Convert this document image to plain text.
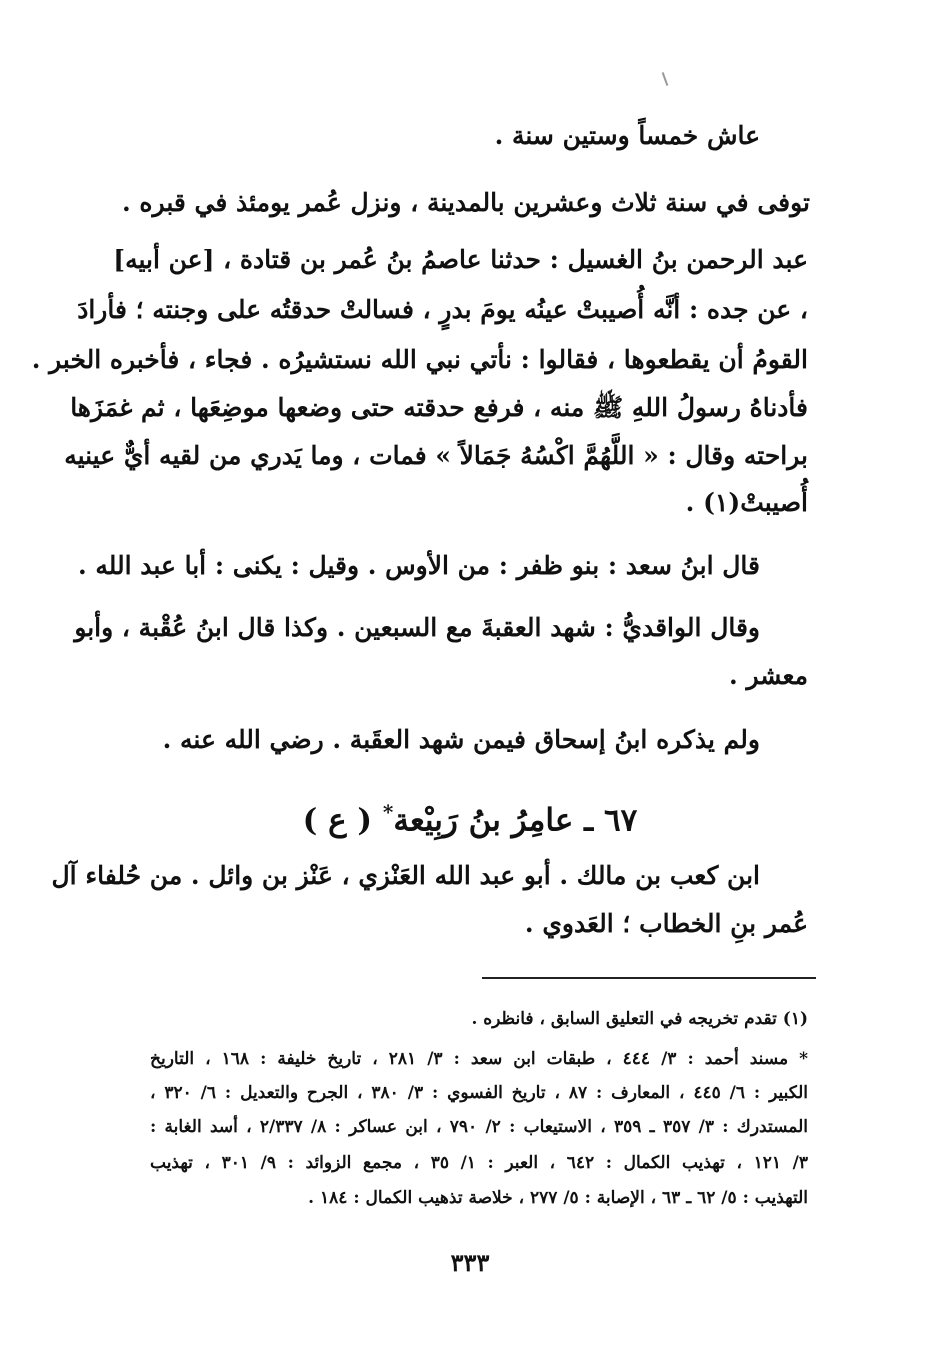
عاش خمساً وستين سنة .
توفى في سنة ثلاث وعشرين بالمدينة ، ونزل عُمر يومئذ في قبره .
عبد الرحمن بنُ الغسيل : حدثنا عاصمُ بنُ عُمر بن قتادة ، [عن أبيه]
، عن جده : أنَّه أُصيبتْ عينُه يومَ بدرٍ ، فسالتْ حدقتُه على وجنته ؛ فأرادَ
القومُ أن يقطعوها ، فقالوا : نأتي نبي الله نستشيرُه . فجاء ، فأخبره الخبر .
فأدناهُ رسولُ اللهِ ﷺ منه ، فرفع حدقته حتى وضعها موضِعَها ، ثم غمَزَها
براحته وقال : « اللَّهُمَّ اكْسُهُ جَمَالاً » فمات ، وما يَدري من لقيه أيٌّ عينيه
أُصيبتْ(١) .
قال ابنُ سعد : بنو ظفر : من الأوس . وقيل : يكنى : أبا عبد الله .
وقال الواقديُّ : شهد العقبةَ مع السبعين . وكذا قال ابنُ عُقْبة ، وأبو
معشر .
ولم يذكره ابنُ إسحاق فيمن شهد العقَبة . رضي الله عنه .
٦٧ ـ عامِرُ بنُ رَبِيْعة* ( ع )
ابن كعب بن مالك . أبو عبد الله العَنْزي ، عَنْز بن وائل . من حُلفاء آل
عُمر بنِ الخطاب ؛ العَدوي .
(١) تقدم تخريجه في التعليق السابق ، فانظره .
* مسند أحمد : ٣/ ٤٤٤ ، طبقات ابن سعد : ٣/ ٢٨١ ، تاريخ خليفة : ١٦٨ ، التاريخ
الكبير : ٦/ ٤٤٥ ، المعارف : ٨٧ ، تاريخ الفسوي : ٣/ ٣٨٠ ، الجرح والتعديل : ٦/ ٣٢٠ ،
المستدرك : ٣/ ٣٥٧ ـ ٣٥٩ ، الاستيعاب : ٢/ ٧٩٠ ، ابن عساكر : ٨/ ٢/٣٣٧ ، أسد الغابة :
٣/ ١٢١ ، تهذيب الكمال : ٦٤٢ ، العبر : ١/ ٣٥ ، مجمع الزوائد : ٩/ ٣٠١ ، تهذيب
التهذيب : ٥/ ٦٢ ـ ٦٣ ، الإصابة : ٥/ ٢٧٧ ، خلاصة تذهيب الكمال : ١٨٤ .
٣٣٣
